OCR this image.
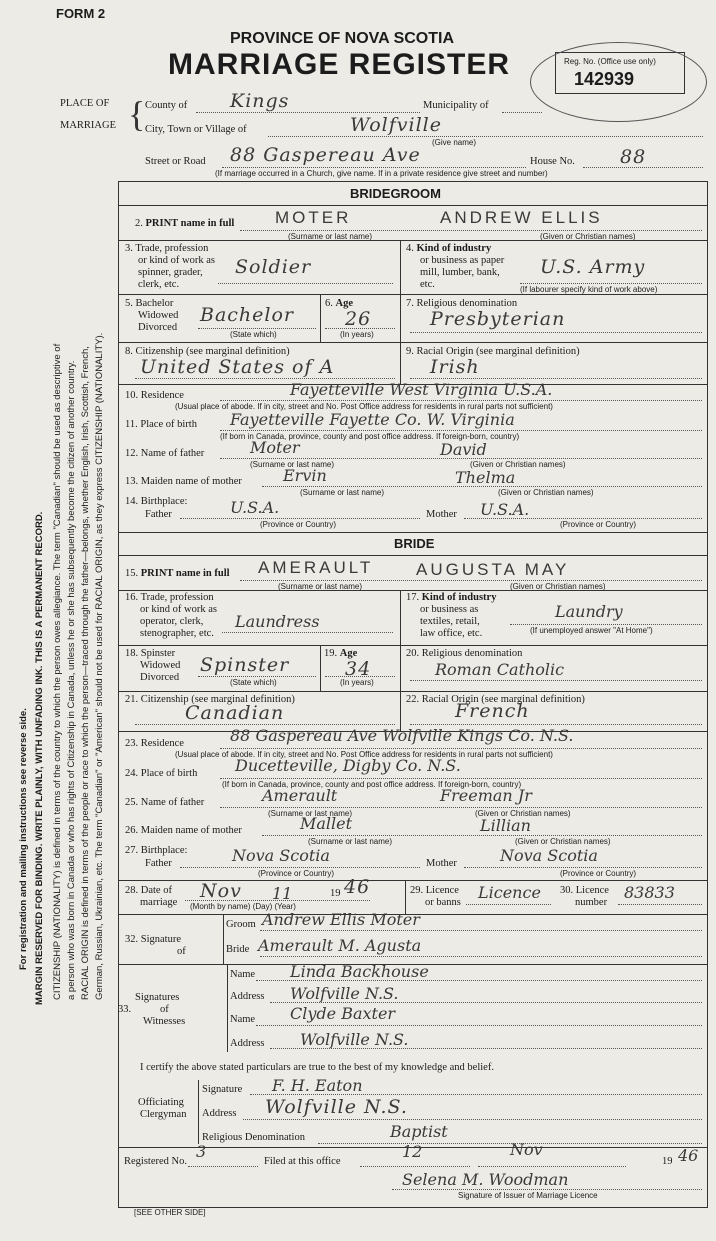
For registration and mailing instructions see reverse side. MARGIN RESERVED FOR BINDING. WRITE PLAINLY, WITH UNFADING INK. THIS IS A PERMANENT RECORD. CITIZENSHIP (NATIONALITY) is defined in terms of the country to which the person owes allegiance. The term "Canadian" should be used as descriptive of a person who was born in Canada or who has rights of Citizenship in Canada, unless he or she has subsequently become the citizen of another country. RACIAL ORIGIN is defined in terms of the people or race to which the person—traced through the father—belongs, whether English, Irish, Scottish, French, German, Russian, Ukrainian, etc. The term "Canadian" or "American" should not be used for RACIAL ORIGIN, as they express CITIZENSHIP (NATIONALITY).
FORM 2
PROVINCE OF NOVA SCOTIA
MARRIAGE REGISTER	Reg. No. (Office use only)
142939
PLACE OF
MARRIAGE { County of Kings	Municipality of
City, Town or Village of	Wolfville
(Give name)
Street or Road 88 Gaspereau Ave	House No. 88
(If marriage occurred in a Church, give name. If in a private residence give street and number)
BRIDEGROOM
2. PRINT name in full MOTER	ANDREW ELLIS
(Surname or last name)	(Given or Christian names)
3. Trade, profession
or kind of work as
spinner, grader,
clerk, etc.
Soldier
4. Kind of industry
or business as paper
mill, lumber, bank,
etc.
U.S. Army
(If labourer specify kind of work above)
5. Bachelor
Widowed
Divorced
Bachelor
(State which)
6. Age
26
(In years)
7. Religious denomination
Presbyterian
8. Citizenship (see marginal definition)
United States of A
9. Racial Origin (see marginal definition)
Irish
10. Residence	Fayetteville West Virginia U.S.A.
(Usual place of abode. If in city, street and No. Post Office address for residents in rural parts not sufficient)
11. Place of birth Fayetteville Fayette Co. W. Virginia
(If born in Canada, province, county and post office address. If foreign-born, country)
12. Name of father	Moter	David
(Surname or last name)	(Given or Christian names)
13. Maiden name of mother	Ervin	Thelma
(Surname or last name)	(Given or Christian names)
14. Birthplace:
Father	U.S.A.
(Province or Country)
Mother U.S.A.
(Province or Country)
BRIDE
15. PRINT name in full AMERAULT	AUGUSTA MAY
(Surname or last name)	(Given or Christian names)
16. Trade, profession
or kind of work as
operator, clerk,
stenographer, etc.
Laundress
17. Kind of industry
or business as
textiles, retail,
law office, etc.
Laundry
(If unemployed answer "At Home")
18. Spinster
Widowed
Divorced
Spinster
(State which)
19. Age
34
(In years)
20. Religious denomination
Roman Catholic
21. Citizenship (see marginal definition)
Canadian
22. Racial Origin (see marginal definition)
French
23. Residence	88 Gaspereau Ave Wolfville Kings Co. N.S.
(Usual place of abode. If in city, street and No. Post Office address for residents in rural parts not sufficient)
24. Place of birth Ducetteville, Digby Co. N.S.
(If born in Canada, province, county and post office address. If foreign-born, country)
25. Name of father	Amerault	Freeman Jr
(Surname or last name)	(Given or Christian names)
26. Maiden name of mother	Mallet	Lillian
(Surname or last name)	(Given or Christian names)
27. Birthplace:
Father	Nova Scotia
(Province or Country)
Mother	Nova Scotia
(Province or Country)
28. Date of
marriage
Nov 11	19 46
(Month by name) (Day) (Year)
29. Licence
or banns
Licence 30. Licence
number
83833
32. Signature
of
Groom Andrew Ellis Moter
Bride Amerault M. Agusta
Signatures
of
33.
Witnesses
Name Linda Backhouse
Address Wolfville N.S.
Name Clyde Baxter
Address Wolfville N.S.
I certify the above stated particulars are true to the best of my knowledge and belief.
Officiating
Clergyman
Signature F. H. Eaton
Address Wolfville N.S.
Religious Denomination	Baptist
Registered No.
3
Filed at this office
12	Nov
19 46
Selena M. Woodman
Signature of Issuer of Marriage Licence
[SEE OTHER SIDE]
